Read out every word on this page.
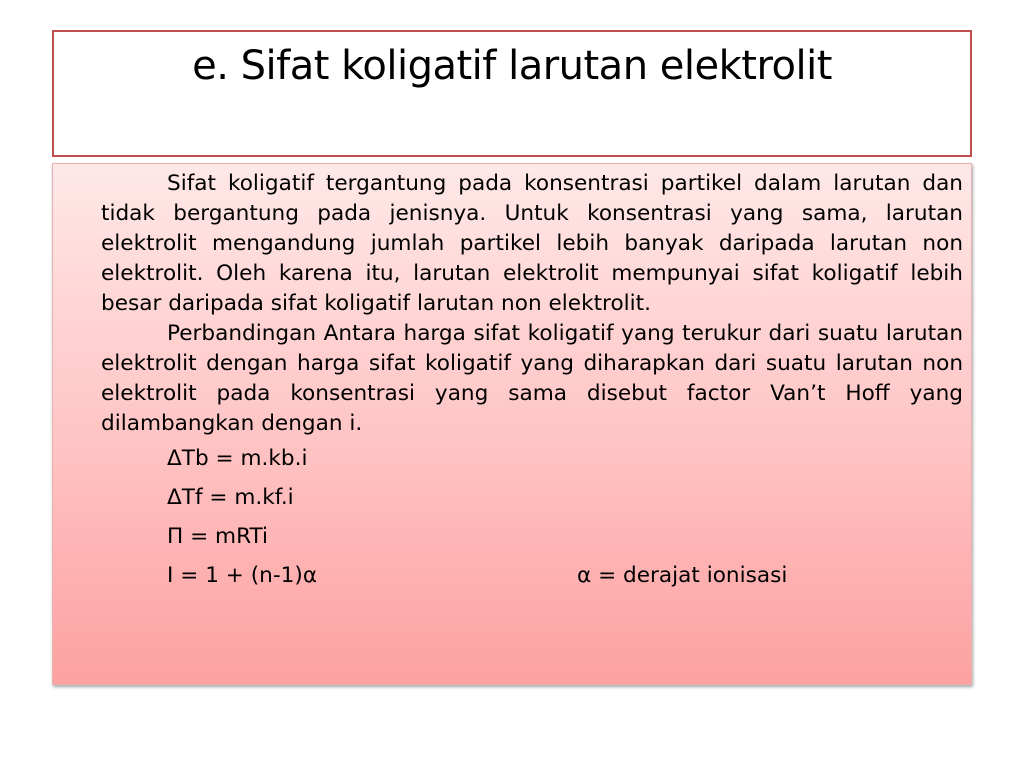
e. Sifat koligatif larutan elektrolit

Sifat koligatif tergantung pada konsentrasi partikel dalam larutan dan tidak bergantung pada jenisnya. Untuk konsentrasi yang sama, larutan elektrolit mengandung jumlah partikel lebih banyak daripada larutan non elektrolit. Oleh karena itu, larutan elektrolit mempunyai sifat koligatif lebih besar daripada sifat koligatif larutan non elektrolit.

Perbandingan Antara harga sifat koligatif yang terukur dari suatu larutan elektrolit dengan harga sifat koligatif yang diharapkan dari suatu larutan non elektrolit pada konsentrasi yang sama disebut factor Van’t Hoff yang dilambangkan dengan i.

ΔTb = m.kb.i

ΔTf = m.kf.i

Π = mRTi

I = 1 + (n-1)α	α = derajat ionisasi
